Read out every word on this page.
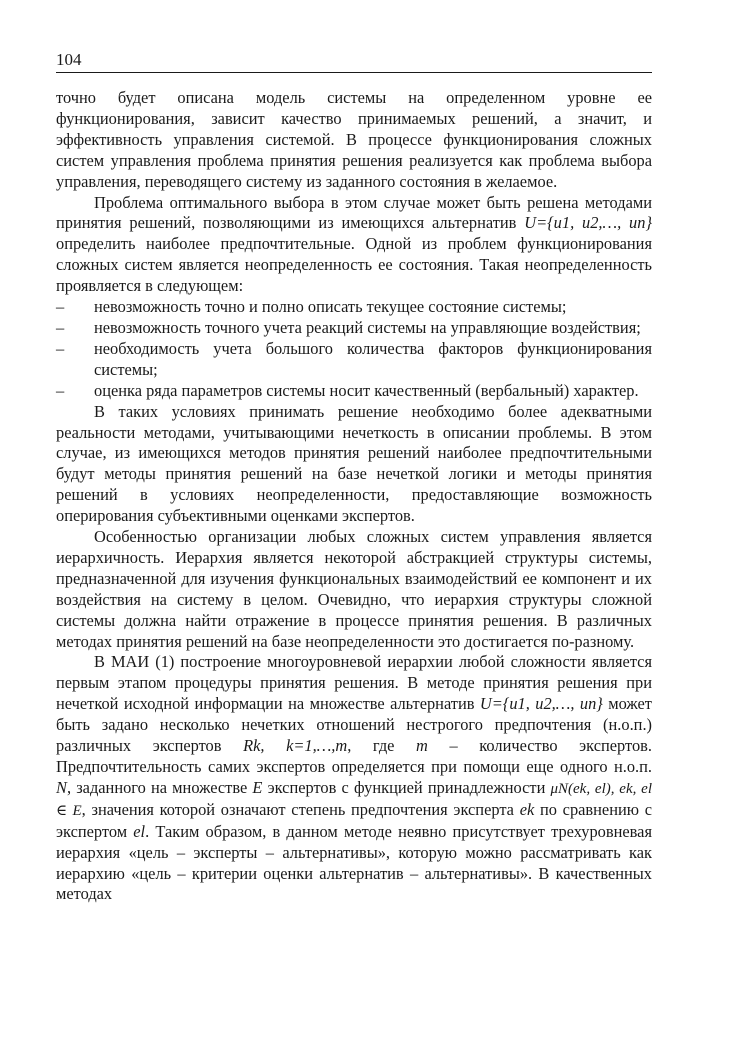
104

точно будет описана модель системы на определенном уровне ее функционирования, зависит качество принимаемых решений, а значит, и эффективность управления системой. В процессе функционирования сложных систем управления проблема принятия решения реализуется как проблема выбора управления, переводящего систему из заданного состояния в желаемое.

Проблема оптимального выбора в этом случае может быть решена методами принятия решений, позволяющими из имеющихся альтернатив U={u1, u2,…, un} определить наиболее предпочтительные. Одной из проблем функционирования сложных систем является неопределенность ее состояния. Такая неопределенность проявляется в следующем:

–	невозможность точно и полно описать текущее состояние системы;

–	невозможность точного учета реакций системы на управляющие воздействия;

–	необходимость учета большого количества факторов функционирования системы;

–	оценка ряда параметров системы носит качественный (вербальный) характер.

В таких условиях принимать решение необходимо более адекватными реальности методами, учитывающими нечеткость в описании проблемы. В этом случае, из имеющихся методов принятия решений наиболее предпочтительными будут методы принятия решений на базе нечеткой логики и методы принятия решений в условиях неопределенности, предоставляющие возможность оперирования субъективными оценками экспертов.

Особенностью организации любых сложных систем управления является иерархичность. Иерархия является некоторой абстракцией структуры системы, предназначенной для изучения функциональных взаимодействий ее компонент и их воздействия на систему в целом. Очевидно, что иерархия структуры сложной системы должна найти отражение в процессе принятия решения. В различных методах принятия решений на базе неопределенности это достигается по-разному.

В МАИ (1) построение многоуровневой иерархии любой сложности является первым этапом процедуры принятия решения. В методе принятия решения при нечеткой исходной информации на множестве альтернатив U={u1, u2,…, un} может быть задано несколько нечетких отношений нестрогого предпочтения (н.о.п.) различных экспертов Rk, k=1,…,m, где m – количество экспертов. Предпочтительность самих экспертов определяется при помощи еще одного н.о.п. N, заданного на множестве E экспертов с функцией принадлежности μN(ek, el), ek, el ∈ E, значения которой означают степень предпочтения эксперта ek по сравнению с экспертом el. Таким образом, в данном методе неявно присутствует трехуровневая иерархия «цель – эксперты – альтернативы», которую можно рассматривать как иерархию «цель – критерии оценки альтернатив – альтернативы». В качественных методах
